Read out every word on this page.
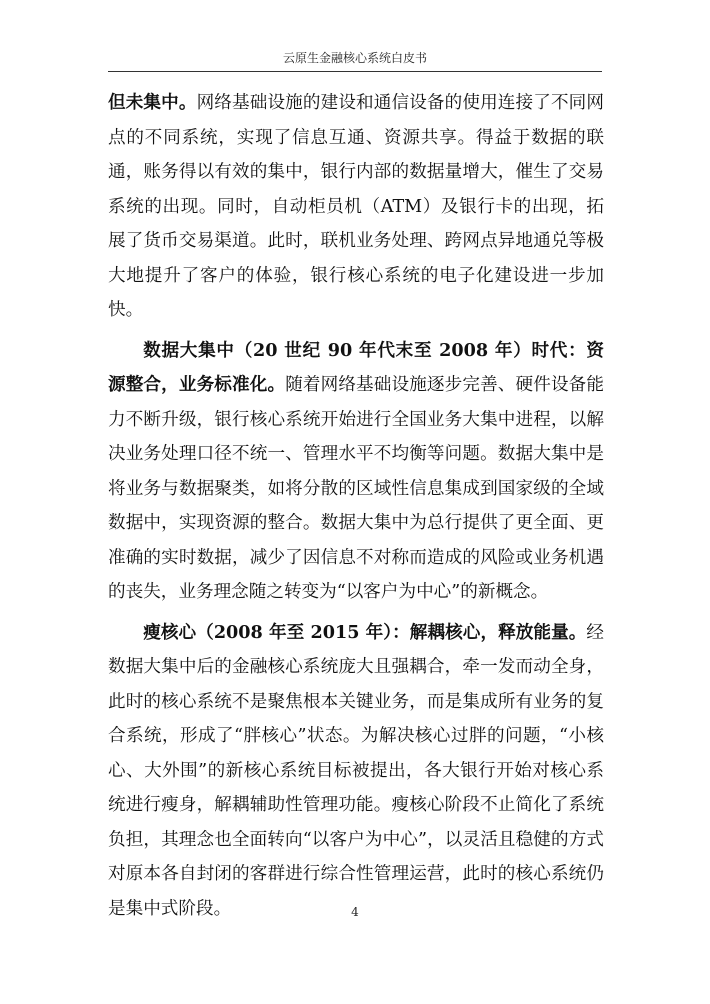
云原生金融核心系统白皮书

但未集中。网络基础设施的建设和通信设备的使用连接了不同网点的不同系统，实现了信息互通、资源共享。得益于数据的联通，账务得以有效的集中，银行内部的数据量增大，催生了交易系统的出现。同时，自动柜员机（ATM）及银行卡的出现，拓展了货币交易渠道。此时，联机业务处理、跨网点异地通兑等极大地提升了客户的体验，银行核心系统的电子化建设进一步加快。

数据大集中（20 世纪 90 年代末至 2008 年）时代：资源整合，业务标准化。随着网络基础设施逐步完善、硬件设备能力不断升级，银行核心系统开始进行全国业务大集中进程，以解决业务处理口径不统一、管理水平不均衡等问题。数据大集中是将业务与数据聚类，如将分散的区域性信息集成到国家级的全域数据中，实现资源的整合。数据大集中为总行提供了更全面、更准确的实时数据，减少了因信息不对称而造成的风险或业务机遇的丧失，业务理念随之转变为“以客户为中心”的新概念。

瘦核心（2008 年至 2015 年）：解耦核心，释放能量。经数据大集中后的金融核心系统庞大且强耦合，牵一发而动全身，此时的核心系统不是聚焦根本关键业务，而是集成所有业务的复合系统，形成了“胖核心”状态。为解决核心过胖的问题，“小核心、大外围”的新核心系统目标被提出，各大银行开始对核心系统进行瘦身，解耦辅助性管理功能。瘦核心阶段不止简化了系统负担，其理念也全面转向“以客户为中心”，以灵活且稳健的方式对原本各自封闭的客群进行综合性管理运营，此时的核心系统仍是集中式阶段。	4
